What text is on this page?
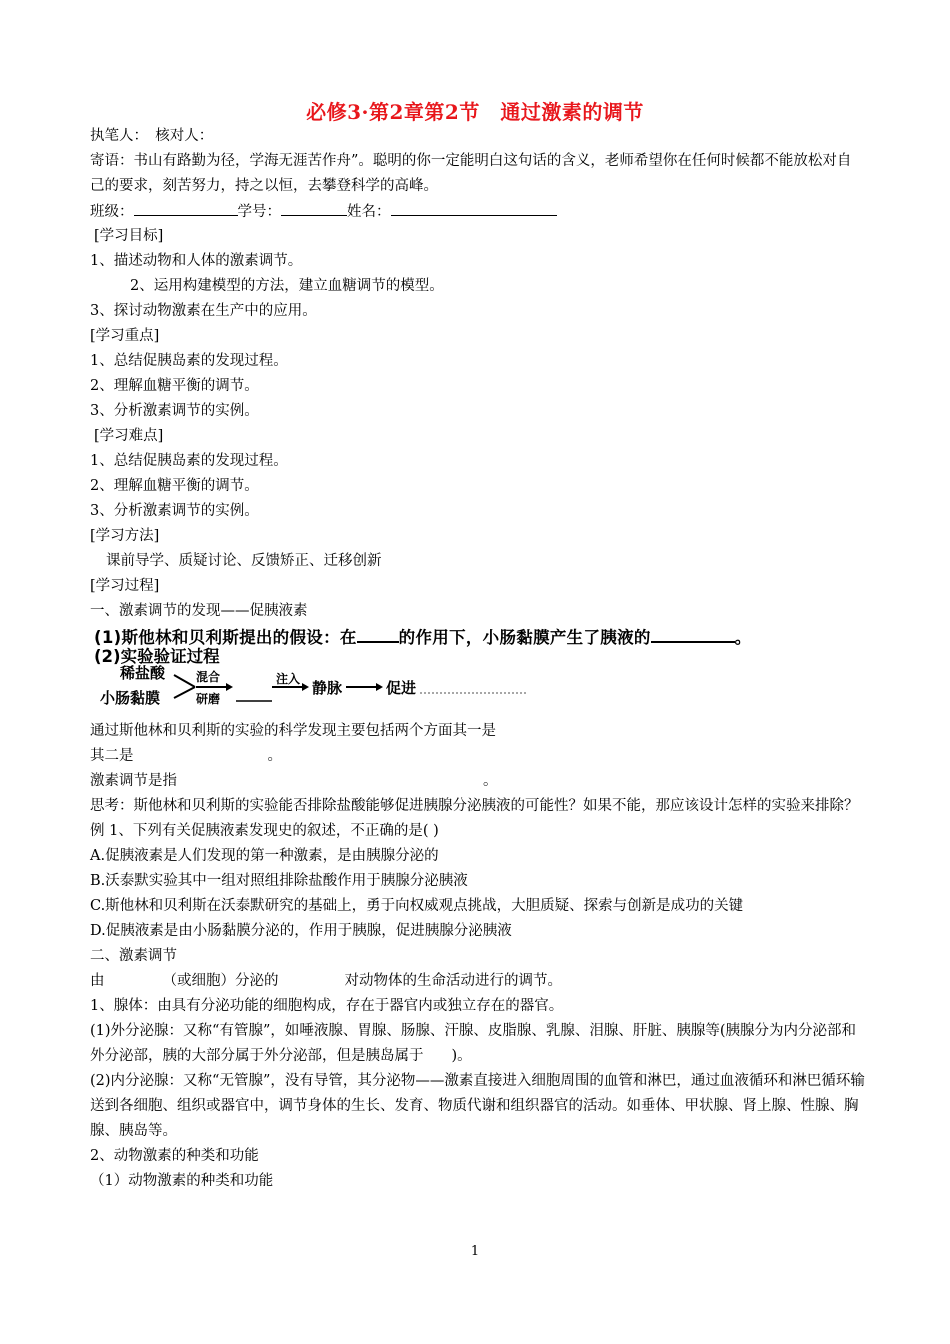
必修3·第2章第2节　通过激素的调节
执笔人：　核对人：
寄语：书山有路勤为径，学海无涯苦作舟”。聪明的你一定能明白这句话的含义，老师希望你在任何时候都不能放松对自己的要求，刻苦努力，持之以恒，去攀登科学的高峰。
班级：	学号：	姓名：
[学习目标]
1、描述动物和人体的激素调节。
2、运用构建模型的方法，建立血糖调节的模型。
3、探讨动物激素在生产中的应用。
[学习重点]
1、总结促胰岛素的发现过程。
2、理解血糖平衡的调节。
3、分析激素调节的实例。
[学习难点]
1、总结促胰岛素的发现过程。
2、理解血糖平衡的调节。
3、分析激素调节的实例。
[学习方法]
课前导学、质疑讨论、反馈矫正、迁移创新
[学习过程]
一、激素调节的发现——促胰液素
(1)斯他林和贝利斯提出的假设：在	的作用下，小肠黏膜产生了胰液的	。
(2)实验验证过程
稀盐酸
小肠黏膜
混合
研磨
注入 静脉	促进
通过斯他林和贝利斯的实验的科学发现主要包括两个方面其一是
其二是	。
激素调节是指	。
思考：斯他林和贝利斯的实验能否排除盐酸能够促进胰腺分泌胰液的可能性？如果不能，那应该设计怎样的实验来排除？
例 1、下列有关促胰液素发现史的叙述，不正确的是( )
A.促胰液素是人们发现的第一种激素，是由胰腺分泌的
B.沃泰默实验其中一组对照组排除盐酸作用于胰腺分泌胰液
C.斯他林和贝利斯在沃泰默研究的基础上，勇于向权威观点挑战，大胆质疑、探索与创新是成功的关键
D.促胰液素是由小肠黏膜分泌的，作用于胰腺，促进胰腺分泌胰液
二、激素调节
由	（或细胞）分泌的	对动物体的生命活动进行的调节。
1、腺体：由具有分泌功能的细胞构成，存在于器官内或独立存在的器官。
(1)外分泌腺：又称“有管腺”，如唾液腺、胃腺、肠腺、汗腺、皮脂腺、乳腺、泪腺、肝脏、胰腺等(胰腺分为内分泌部和外分泌部，胰的大部分属于外分泌部，但是胰岛属于 )。
(2)内分泌腺：又称“无管腺”，没有导管，其分泌物——激素直接进入细胞周围的血管和淋巴，通过血液循环和淋巴循环输送到各细胞、组织或器官中，调节身体的生长、发育、物质代谢和组织器官的活动。如垂体、甲状腺、肾上腺、性腺、胸腺、胰岛等。
2、动物激素的种类和功能
（1）动物激素的种类和功能
1
